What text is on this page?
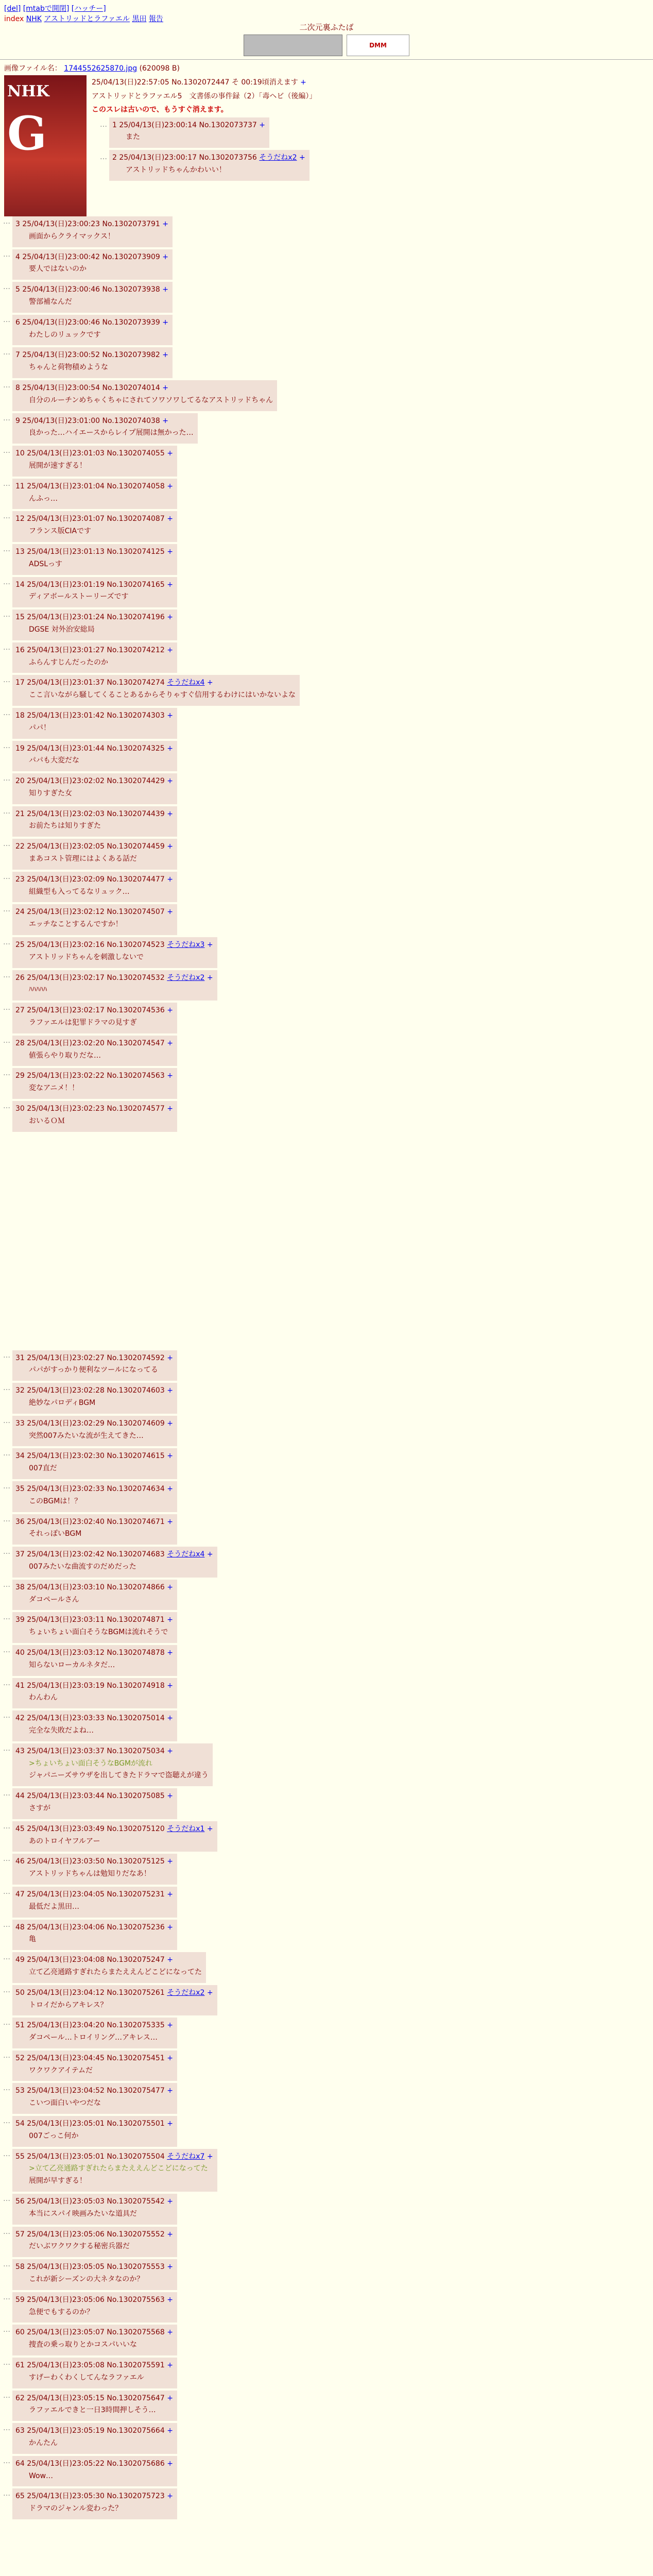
[del] [mtabで開閉] [ハッチー]
index NHK アストリッドとラファエル 黒田 報告
二次元裏ふたば
DMM
画像ファイル名： 1744552625870.jpg (620098 B)
NHK
G
25/04/13(日)22:57:05 No.1302072447 そ 00:19頃消えます +
アストリッドとラファエル5　文書係の事件録（2）「毒ヘビ（後編）」
このスレは古いので、もうすぐ消えます。
… 1 25/04/13(日)23:00:14 No.1302073737 +
また
… 2 25/04/13(日)23:00:17 No.1302073756 そうだねx2 +
アストリッドちゃんかわいい！
… 3 25/04/13(日)23:00:23 No.1302073791 +
画面からクライマックス！
… 4 25/04/13(日)23:00:42 No.1302073909 +
要人ではないのか
… 5 25/04/13(日)23:00:46 No.1302073938 +
警部補なんだ
… 6 25/04/13(日)23:00:46 No.1302073939 +
わたしのリュックです
… 7 25/04/13(日)23:00:52 No.1302073982 +
ちゃんと荷物積めような
… 8 25/04/13(日)23:00:54 No.1302074014 +
自分のルーチンめちゃくちゃにされてソワソワしてるなアストリッドちゃん
… 9 25/04/13(日)23:01:00 No.1302074038 +
良かった…ハイエースからレイプ展開は無かった…
… 10 25/04/13(日)23:01:03 No.1302074055 +
展開が速すぎる！
… 11 25/04/13(日)23:01:04 No.1302074058 +
んふっ…
… 12 25/04/13(日)23:01:07 No.1302074087 +
フランス版CIAです
… 13 25/04/13(日)23:01:13 No.1302074125 +
ADSLっす
… 14 25/04/13(日)23:01:19 No.1302074165 +
ディアボールストーリーズです
… 15 25/04/13(日)23:01:24 No.1302074196 +
DGSE 対外治安総局
… 16 25/04/13(日)23:01:27 No.1302074212 +
ふらんすじんだったのか
… 17 25/04/13(日)23:01:37 No.1302074274 そうだねx4 +
ここ言いながら騒してくることあるからそりゃすぐ信用するわけにはいかないよな
… 18 25/04/13(日)23:01:42 No.1302074303 +
パパ！
… 19 25/04/13(日)23:01:44 No.1302074325 +
パパも大変だな
… 20 25/04/13(日)23:02:02 No.1302074429 +
知りすぎた女
… 21 25/04/13(日)23:02:03 No.1302074439 +
お前たちは知りすぎた
… 22 25/04/13(日)23:02:05 No.1302074459 +
まあコスト管理にはよくある話だ
… 23 25/04/13(日)23:02:09 No.1302074477 +
組織型も入ってるなリュック…
… 24 25/04/13(日)23:02:12 No.1302074507 +
エッチなことするんですか！
… 25 25/04/13(日)23:02:16 No.1302074523 そうだねx3 +
アストリッドちゃんを刺激しないで
… 26 25/04/13(日)23:02:17 No.1302074532 そうだねx2 +
ﾊﾊﾊﾊﾊ
… 27 25/04/13(日)23:02:17 No.1302074536 +
ラファエルは犯罪ドラマの見すぎ
… 28 25/04/13(日)23:02:20 No.1302074547 +
値張らやり取りだな…
… 29 25/04/13(日)23:02:22 No.1302074563 +
変なアニメ！！
… 30 25/04/13(日)23:02:23 No.1302074577 +
おいるＯＭ
… 31 25/04/13(日)23:02:27 No.1302074592 +
パパがすっかり便利なツールになってる
… 32 25/04/13(日)23:02:28 No.1302074603 +
絶妙なパロディBGM
… 33 25/04/13(日)23:02:29 No.1302074609 +
突然007みたいな流が生えてきた…
… 34 25/04/13(日)23:02:30 No.1302074615 +
007直だ
… 35 25/04/13(日)23:02:33 No.1302074634 +
このBGMは！？
… 36 25/04/13(日)23:02:40 No.1302074671 +
それっぽいBGM
… 37 25/04/13(日)23:02:42 No.1302074683 そうだねx4 +
007みたいな曲流すのだめだった
… 38 25/04/13(日)23:03:10 No.1302074866 +
ダコペールさん
… 39 25/04/13(日)23:03:11 No.1302074871 +
ちょいちょい面白そうなBGMは流れそうで
… 40 25/04/13(日)23:03:12 No.1302074878 +
知らないローカルネタだ…
… 41 25/04/13(日)23:03:19 No.1302074918 +
わんわん
… 42 25/04/13(日)23:03:33 No.1302075014 +
完全な失敗だよね…
… 43 25/04/13(日)23:03:37 No.1302075034 +
>ちょいちょい面白そうなBGMが流れ
ジャパニーズサウザを出してきたドラマで盗聴えが違う
… 44 25/04/13(日)23:03:44 No.1302075085 +
さすが
… 45 25/04/13(日)23:03:49 No.1302075120 そうだねx1 +
あのトロイヤフルアー
… 46 25/04/13(日)23:03:50 No.1302075125 +
アストリッドちゃんは勉知りだなあ！
… 47 25/04/13(日)23:04:05 No.1302075231 +
最低だよ黒田…
… 48 25/04/13(日)23:04:06 No.1302075236 +
亀
… 49 25/04/13(日)23:04:08 No.1302075247 +
立て乙亮通路すぎれたらまたええんどこどになってた
… 50 25/04/13(日)23:04:12 No.1302075261 そうだねx2 +
トロイだからアキレス？
… 51 25/04/13(日)23:04:20 No.1302075335 +
ダコペール…トロイリング…アキレス…
… 52 25/04/13(日)23:04:45 No.1302075451 +
ワクワクアイテムだ
… 53 25/04/13(日)23:04:52 No.1302075477 +
こいつ面白いやつだな
… 54 25/04/13(日)23:05:01 No.1302075501 +
007ごっこ何か
… 55 25/04/13(日)23:05:01 No.1302075504 そうだねx7 +
>立て乙亮通路すぎれたらまたええんどこどになってた
展開が早すぎる！
… 56 25/04/13(日)23:05:03 No.1302075542 +
本当にスパイ映画みたいな道具だ
… 57 25/04/13(日)23:05:06 No.1302075552 +
だいぶワクワクする秘密兵器だ
… 58 25/04/13(日)23:05:05 No.1302075553 +
これが新シーズンの大ネタなのか？
… 59 25/04/13(日)23:05:06 No.1302075563 +
急便でもするのか？
… 60 25/04/13(日)23:05:07 No.1302075568 +
捜査の乗っ取りとかコスパいいな
… 61 25/04/13(日)23:05:08 No.1302075591 +
すげーわくわくしてんなラファエル
… 62 25/04/13(日)23:05:15 No.1302075647 +
ラファエルできと一日3時間押しそう…
… 63 25/04/13(日)23:05:19 No.1302075664 +
かんたん
… 64 25/04/13(日)23:05:22 No.1302075686 +
Wow…
… 65 25/04/13(日)23:05:30 No.1302075723 +
ドラマのジャンル変わった？
